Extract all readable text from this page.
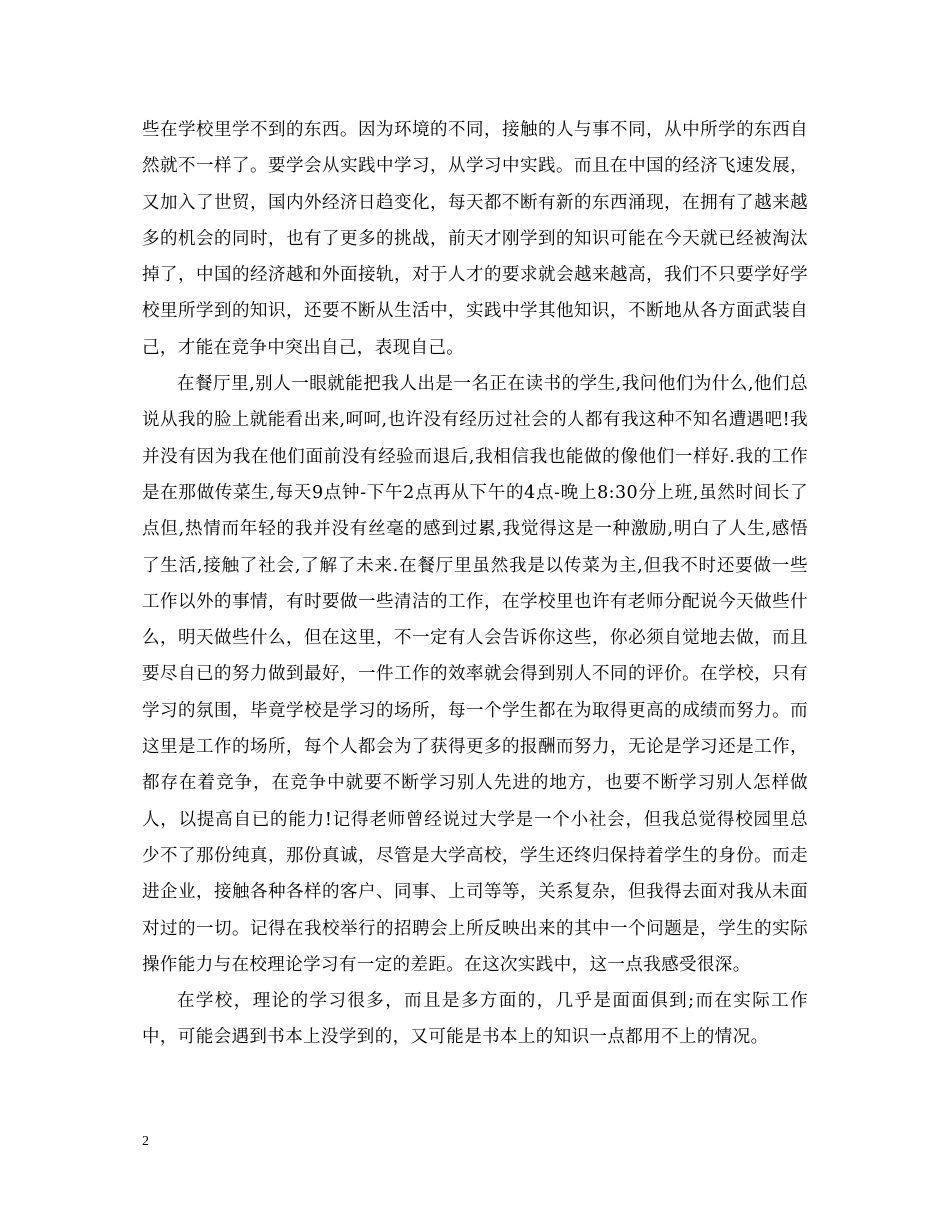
些在学校里学不到的东西。因为环境的不同，接触的人与事不同，从中所学的东西自然就不一样了。要学会从实践中学习，从学习中实践。而且在中国的经济飞速发展，又加入了世贸，国内外经济日趋变化，每天都不断有新的东西涌现，在拥有了越来越多的机会的同时，也有了更多的挑战，前天才刚学到的知识可能在今天就已经被淘汰掉了，中国的经济越和外面接轨，对于人才的要求就会越来越高，我们不只要学好学校里所学到的知识，还要不断从生活中，实践中学其他知识，不断地从各方面武装自己，才能在竞争中突出自己，表现自己。

在餐厅里,别人一眼就能把我人出是一名正在读书的学生,我问他们为什么,他们总说从我的脸上就能看出来,呵呵,也许没有经历过社会的人都有我这种不知名遭遇吧!我并没有因为我在他们面前没有经验而退后,我相信我也能做的像他们一样好.我的工作是在那做传菜生,每天9点钟-下午2点再从下午的4点-晚上8:30分上班,虽然时间长了点但,热情而年轻的我并没有丝毫的感到过累,我觉得这是一种激励,明白了人生,感悟了生活,接触了社会,了解了未来.在餐厅里虽然我是以传菜为主,但我不时还要做一些工作以外的事情，有时要做一些清洁的工作，在学校里也许有老师分配说今天做些什么，明天做些什么，但在这里，不一定有人会告诉你这些，你必须自觉地去做，而且要尽自已的努力做到最好，一件工作的效率就会得到别人不同的评价。在学校，只有学习的氛围，毕竟学校是学习的场所，每一个学生都在为取得更高的成绩而努力。而这里是工作的场所，每个人都会为了获得更多的报酬而努力，无论是学习还是工作，都存在着竞争，在竞争中就要不断学习别人先进的地方，也要不断学习别人怎样做人，以提高自已的能力!记得老师曾经说过大学是一个小社会，但我总觉得校园里总少不了那份纯真，那份真诚，尽管是大学高校，学生还终归保持着学生的身份。而走进企业，接触各种各样的客户、同事、上司等等，关系复杂，但我得去面对我从未面对过的一切。记得在我校举行的招聘会上所反映出来的其中一个问题是，学生的实际操作能力与在校理论学习有一定的差距。在这次实践中，这一点我感受很深。

在学校，理论的学习很多，而且是多方面的，几乎是面面俱到;而在实际工作中，可能会遇到书本上没学到的，又可能是书本上的知识一点都用不上的情况。

2
